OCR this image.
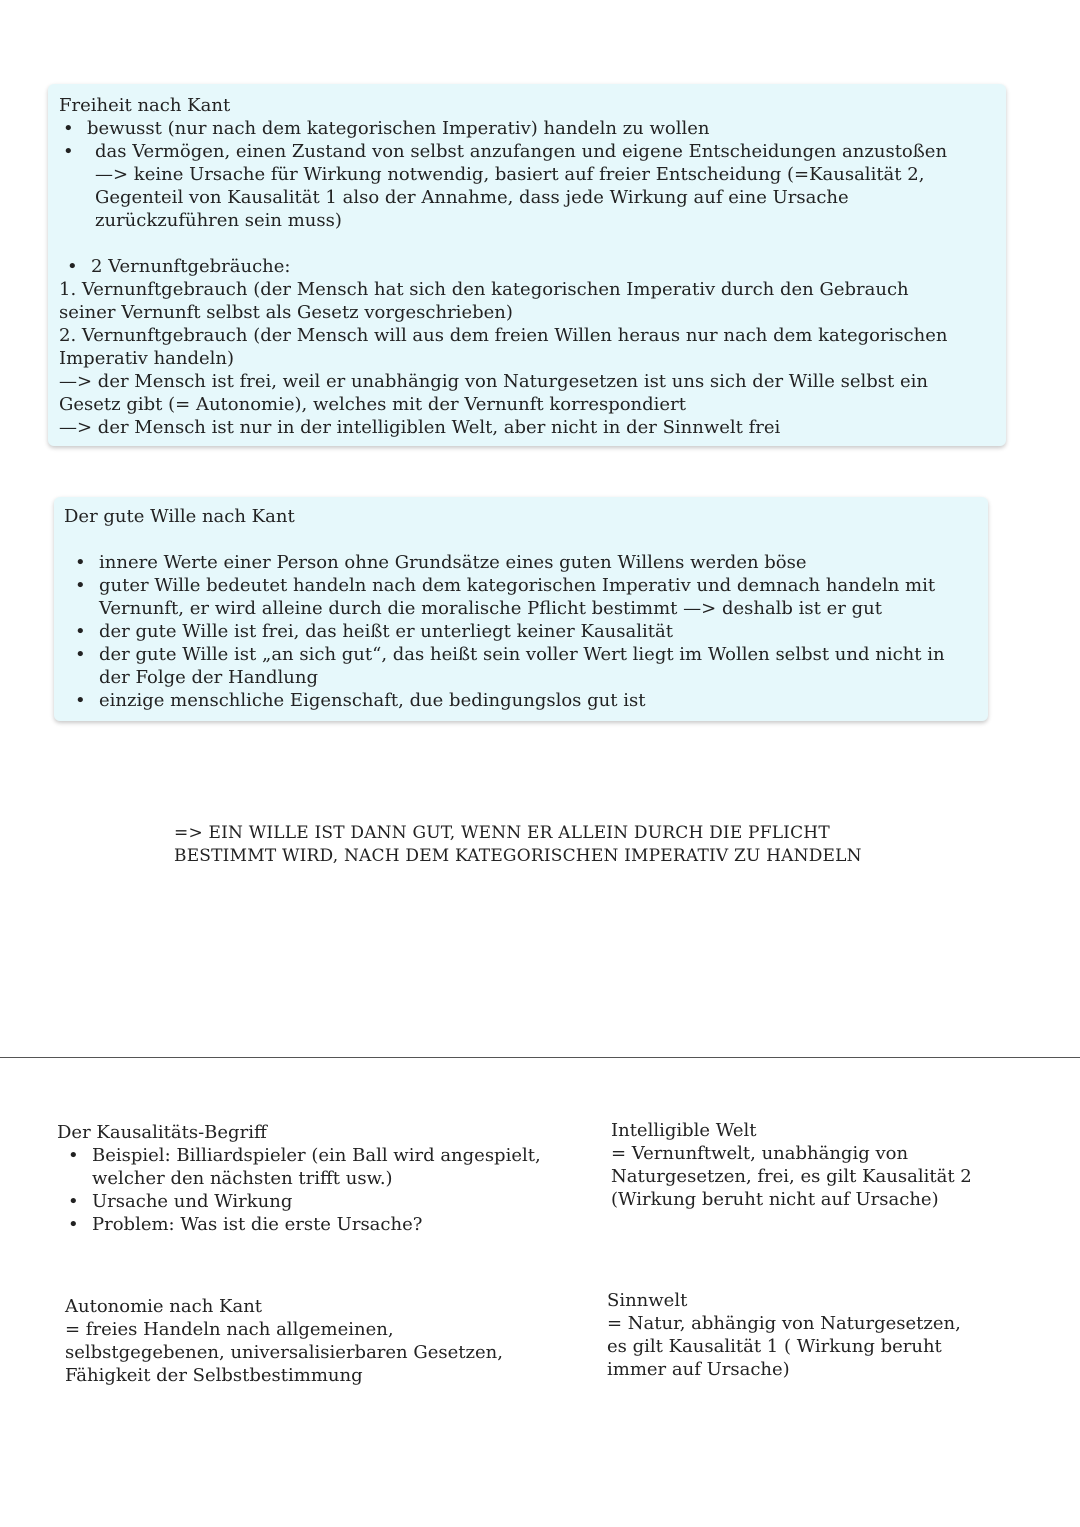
Freiheit nach Kant

• bewusst (nur nach dem kategorischen Imperativ) handeln zu wollen
• das Vermögen, einen Zustand von selbst anzufangen und eigene Entscheidungen anzustoßen
—> keine Ursache für Wirkung notwendig, basiert auf freier Entscheidung (=Kausalität 2,
Gegenteil von Kausalität 1 also der Annahme, dass jede Wirkung auf eine Ursache
zurückzuführen sein muss)
• 2 Vernunftgebräuche:

1. Vernunftgebrauch (der Mensch hat sich den kategorischen Imperativ durch den Gebrauch

seiner Vernunft selbst als Gesetz vorgeschrieben)

2. Vernunftgebrauch (der Mensch will aus dem freien Willen heraus nur nach dem kategorischen

Imperativ handeln)

—> der Mensch ist frei, weil er unabhängig von Naturgesetzen ist uns sich der Wille selbst ein

Gesetz gibt (= Autonomie), welches mit der Vernunft korrespondiert

—> der Mensch ist nur in der intelligiblen Welt, aber nicht in der Sinnwelt frei

Der gute Wille nach Kant

• innere Werte einer Person ohne Grundsätze eines guten Willens werden böse
• guter Wille bedeutet handeln nach dem kategorischen Imperativ und demnach handeln mit
Vernunft, er wird alleine durch die moralische Pflicht bestimmt —> deshalb ist er gut
• der gute Wille ist frei, das heißt er unterliegt keiner Kausalität
• der gute Wille ist „an sich gut“, das heißt sein voller Wert liegt im Wollen selbst und nicht in
der Folge der Handlung
• einzige menschliche Eigenschaft, due bedingungslos gut ist
=> EIN WILLE IST DANN GUT, WENN ER ALLEIN DURCH DIE PFLICHT
BESTIMMT WIRD, NACH DEM KATEGORISCHEN IMPERATIV ZU HANDELN
Der Kausalitäts-Begriff
• Beispiel: Billiardspieler (ein Ball wird angespielt,
welcher den nächsten trifft usw.)
• Ursache und Wirkung
• Problem: Was ist die erste Ursache?
Intelligible Welt
= Vernunftwelt, unabhängig von
Naturgesetzen, frei, es gilt Kausalität 2
(Wirkung beruht nicht auf Ursache)
Autonomie nach Kant
= freies Handeln nach allgemeinen,
selbstgegebenen, universalisierbaren Gesetzen,
Fähigkeit der Selbstbestimmung
Sinnwelt
= Natur, abhängig von Naturgesetzen,
es gilt Kausalität 1 ( Wirkung beruht
immer auf Ursache)
